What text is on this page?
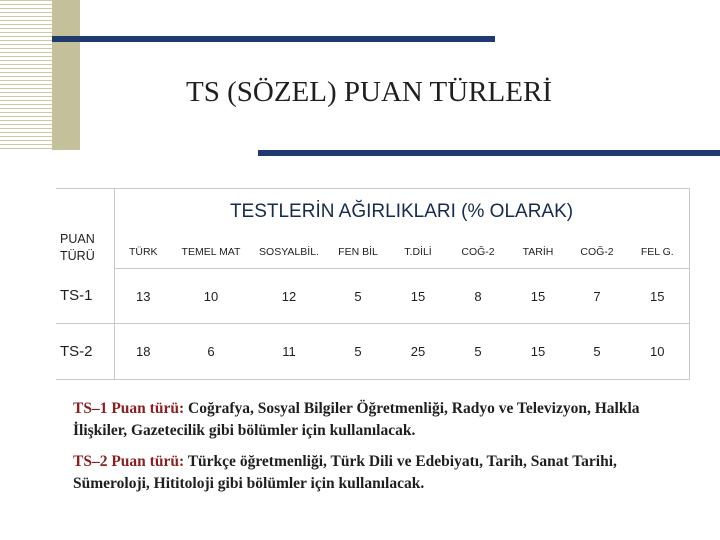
TS (SÖZEL) PUAN TÜRLERİ
PUAN TÜRÜ	TESTLERİN AĞIRLIKLARI (% OLARAK)								
	TÜRK	TEMEL MAT	SOSYALBİL.	FEN BİL	T.DİLİ	COĞ-2	TARİH	COĞ-2	FEL G.
TS-1	13	10	12	5	15	8	15	7	15
TS-2	18	6	11	5	25	5	15	5	10

TS–1 Puan türü: Coğrafya, Sosyal Bilgiler Öğretmenliği, Radyo ve Televizyon, Halkla İlişkiler, Gazetecilik gibi bölümler için kullanılacak.

TS–2 Puan türü: Türkçe öğretmenliği, Türk Dili ve Edebiyatı, Tarih, Sanat Tarihi, Sümeroloji, Hititoloji gibi bölümler için kullanılacak.
